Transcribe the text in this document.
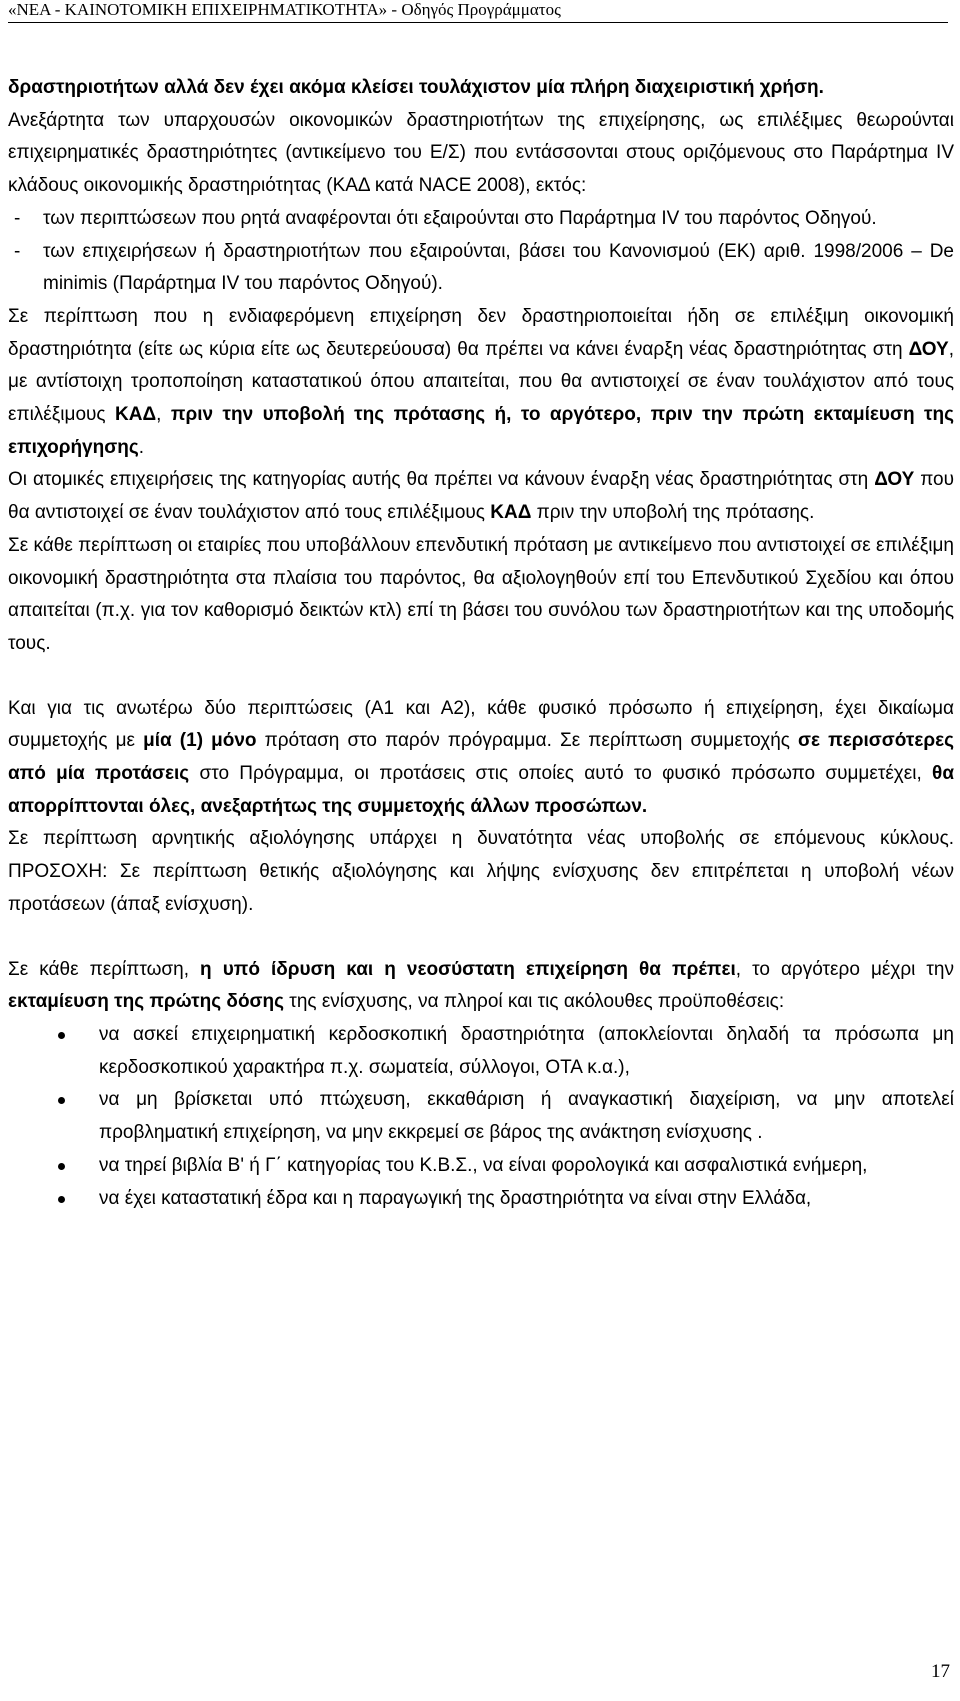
«ΝΕΑ - ΚΑΙΝΟΤΟΜΙΚΗ ΕΠΙΧΕΙΡΗΜΑΤΙΚΟΤΗΤΑ» - Οδηγός Προγράμματος

δραστηριοτήτων αλλά δεν έχει ακόμα κλείσει τουλάχιστον μία πλήρη διαχειριστική χρήση.

Ανεξάρτητα των υπαρχουσών οικονομικών δραστηριοτήτων της επιχείρησης, ως επιλέξιμες θεωρούνται επιχειρηματικές δραστηριότητες (αντικείμενο του Ε/Σ) που εντάσσονται στους οριζόμενους στο Παράρτημα IV κλάδους οικονομικής δραστηριότητας (ΚΑΔ κατά NACE 2008), εκτός:

- των περιπτώσεων που ρητά αναφέρονται ότι εξαιρούνται στο Παράρτημα IV του παρόντος Οδηγού.
- των επιχειρήσεων ή δραστηριοτήτων που εξαιρούνται, βάσει του Κανονισμού (ΕΚ) αριθ. 1998/2006 – De minimis (Παράρτημα IV του παρόντος Οδηγού).

Σε περίπτωση που η ενδιαφερόμενη επιχείρηση δεν δραστηριοποιείται ήδη σε επιλέξιμη οικονομική δραστηριότητα (είτε ως κύρια είτε ως δευτερεύουσα) θα πρέπει να κάνει έναρξη νέας δραστηριότητας στη ΔΟΥ, με αντίστοιχη τροποποίηση καταστατικού όπου απαιτείται, που θα αντιστοιχεί σε έναν τουλάχιστον από τους επιλέξιμους ΚΑΔ, πριν την υποβολή της πρότασης ή, το αργότερο, πριν την πρώτη εκταμίευση της επιχορήγησης.

Οι ατομικές επιχειρήσεις της κατηγορίας αυτής θα πρέπει να κάνουν έναρξη νέας δραστηριότητας στη ΔΟΥ που θα αντιστοιχεί σε έναν τουλάχιστον από τους επιλέξιμους ΚΑΔ πριν την υποβολή της πρότασης.

Σε κάθε περίπτωση οι εταιρίες που υποβάλλουν επενδυτική πρόταση με αντικείμενο που αντιστοιχεί σε επιλέξιμη οικονομική δραστηριότητα στα πλαίσια του παρόντος, θα αξιολογηθούν επί του Επενδυτικού Σχεδίου και όπου απαιτείται (π.χ. για τον καθορισμό δεικτών κτλ) επί τη βάσει του συνόλου των δραστηριοτήτων και της υποδομής τους.

Και για τις ανωτέρω δύο περιπτώσεις (Α1 και Α2), κάθε φυσικό πρόσωπο ή επιχείρηση, έχει δικαίωμα συμμετοχής με μία (1) μόνο πρόταση στο παρόν πρόγραμμα. Σε περίπτωση συμμετοχής σε περισσότερες από μία προτάσεις στο Πρόγραμμα, οι προτάσεις στις οποίες αυτό το φυσικό πρόσωπο συμμετέχει, θα απορρίπτονται όλες, ανεξαρτήτως της συμμετοχής άλλων προσώπων.

Σε περίπτωση αρνητικής αξιολόγησης υπάρχει η δυνατότητα νέας υποβολής σε επόμενους κύκλους. ΠΡΟΣΟΧΗ: Σε περίπτωση θετικής αξιολόγησης και λήψης ενίσχυσης δεν επιτρέπεται η υποβολή νέων προτάσεων (άπαξ ενίσχυση).

Σε κάθε περίπτωση, η υπό ίδρυση και η νεοσύστατη επιχείρηση θα πρέπει, το αργότερο μέχρι την εκταμίευση της πρώτης δόσης της ενίσχυσης, να πληροί και τις ακόλουθες προϋποθέσεις:

να ασκεί επιχειρηματική κερδοσκοπική δραστηριότητα (αποκλείονται δηλαδή τα πρόσωπα μη κερδοσκοπικού χαρακτήρα π.χ. σωματεία, σύλλογοι, ΟΤΑ κ.α.),
να μη βρίσκεται υπό πτώχευση, εκκαθάριση ή αναγκαστική διαχείριση, να μην αποτελεί προβληματική επιχείρηση, να μην εκκρεμεί σε βάρος της ανάκτηση ενίσχυσης .
να τηρεί βιβλία Β' ή Γ΄ κατηγορίας του Κ.Β.Σ., να είναι φορολογικά και ασφαλιστικά ενήμερη,
να έχει καταστατική έδρα και η παραγωγική της δραστηριότητα να είναι στην Ελλάδα,
17
